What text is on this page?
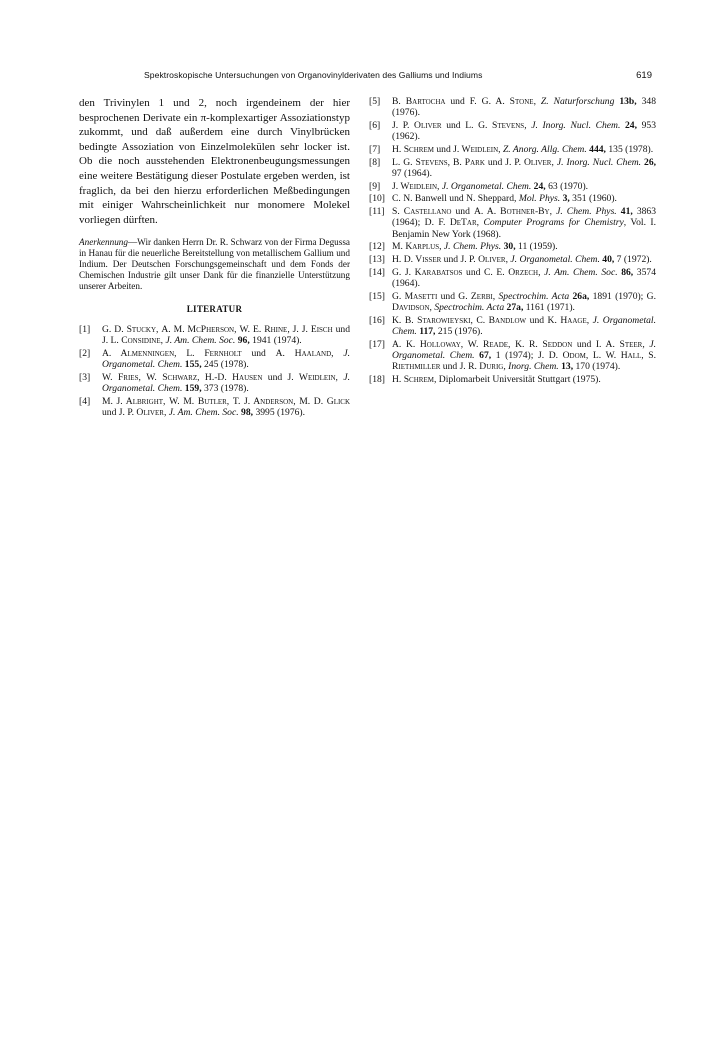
Spektroskopische Untersuchungen von Organovinylderivaten des Galliums und Indiums	619

den Trivinylen 1 und 2, noch irgendeinem der hier besprochenen Derivate ein π-komplexartiger Assoziationstyp zukommt, und daß außerdem eine durch Vinylbrücken bedingte Assoziation von Einzelmolekülen sehr locker ist. Ob die noch ausstehenden Elektronenbeugungsmessungen eine weitere Bestätigung dieser Postulate ergeben werden, ist fraglich, da bei den hierzu erforderlichen Meßbedingungen mit einiger Wahrscheinlichkeit nur monomere Molekel vorliegen dürften.

Anerkennung—Wir danken Herrn Dr. R. Schwarz von der Firma Degussa in Hanau für die neuerliche Bereitstellung von metallischem Gallium und Indium. Der Deutschen Forschungsgemeinschaft und dem Fonds der Chemischen Industrie gilt unser Dank für die finanzielle Unterstützung unserer Arbeiten.

LITERATUR
[1] G. D. Stucky, A. M. McPherson, W. E. Rhine, J. J. Eisch und J. L. Considine, J. Am. Chem. Soc. 96, 1941 (1974).
[2] A. Almenningen, L. Fernholt und A. Haaland, J. Organometal. Chem. 155, 245 (1978).
[3] W. Fries, W. Schwarz, H.-D. Hausen und J. Weidlein, J. Organometal. Chem. 159, 373 (1978).
[4] M. J. Albright, W. M. Butler, T. J. Anderson, M. D. Glick und J. P. Oliver, J. Am. Chem. Soc. 98, 3995 (1976).
[5] B. Bartocha und F. G. A. Stone, Z. Naturforschung 13b, 348 (1976).
[6] J. P. Oliver und L. G. Stevens, J. Inorg. Nucl. Chem. 24, 953 (1962).
[7] H. Schrem und J. Weidlein, Z. Anorg. Allg. Chem. 444, 135 (1978).
[8] L. G. Stevens, B. Park und J. P. Oliver, J. Inorg. Nucl. Chem. 26, 97 (1964).
[9] J. Weidlein, J. Organometal. Chem. 24, 63 (1970).
[10] C. N. Banwell und N. Sheppard, Mol. Phys. 3, 351 (1960).
[11] S. Castellano und A. A. Bothner-By, J. Chem. Phys. 41, 3863 (1964); D. F. DeTar, Computer Programs for Chemistry, Vol. I. Benjamin New York (1968).
[12] M. Karplus, J. Chem. Phys. 30, 11 (1959).
[13] H. D. Visser und J. P. Oliver, J. Organometal. Chem. 40, 7 (1972).
[14] G. J. Karabatsos und C. E. Orzech, J. Am. Chem. Soc. 86, 3574 (1964).
[15] G. Masetti und G. Zerbi, Spectrochim. Acta 26a, 1891 (1970); G. Davidson, Spectrochim. Acta 27a, 1161 (1971).
[16] K. B. Starowieyski, C. Bandlow und K. Haage, J. Organometal. Chem. 117, 215 (1976).
[17] A. K. Holloway, W. Reade, K. R. Seddon und I. A. Steer, J. Organometal. Chem. 67, 1 (1974); J. D. Odom, L. W. Hall, S. Riethmiller und J. R. Durig, Inorg. Chem. 13, 170 (1974).
[18] H. Schrem, Diplomarbeit Universität Stuttgart (1975).
